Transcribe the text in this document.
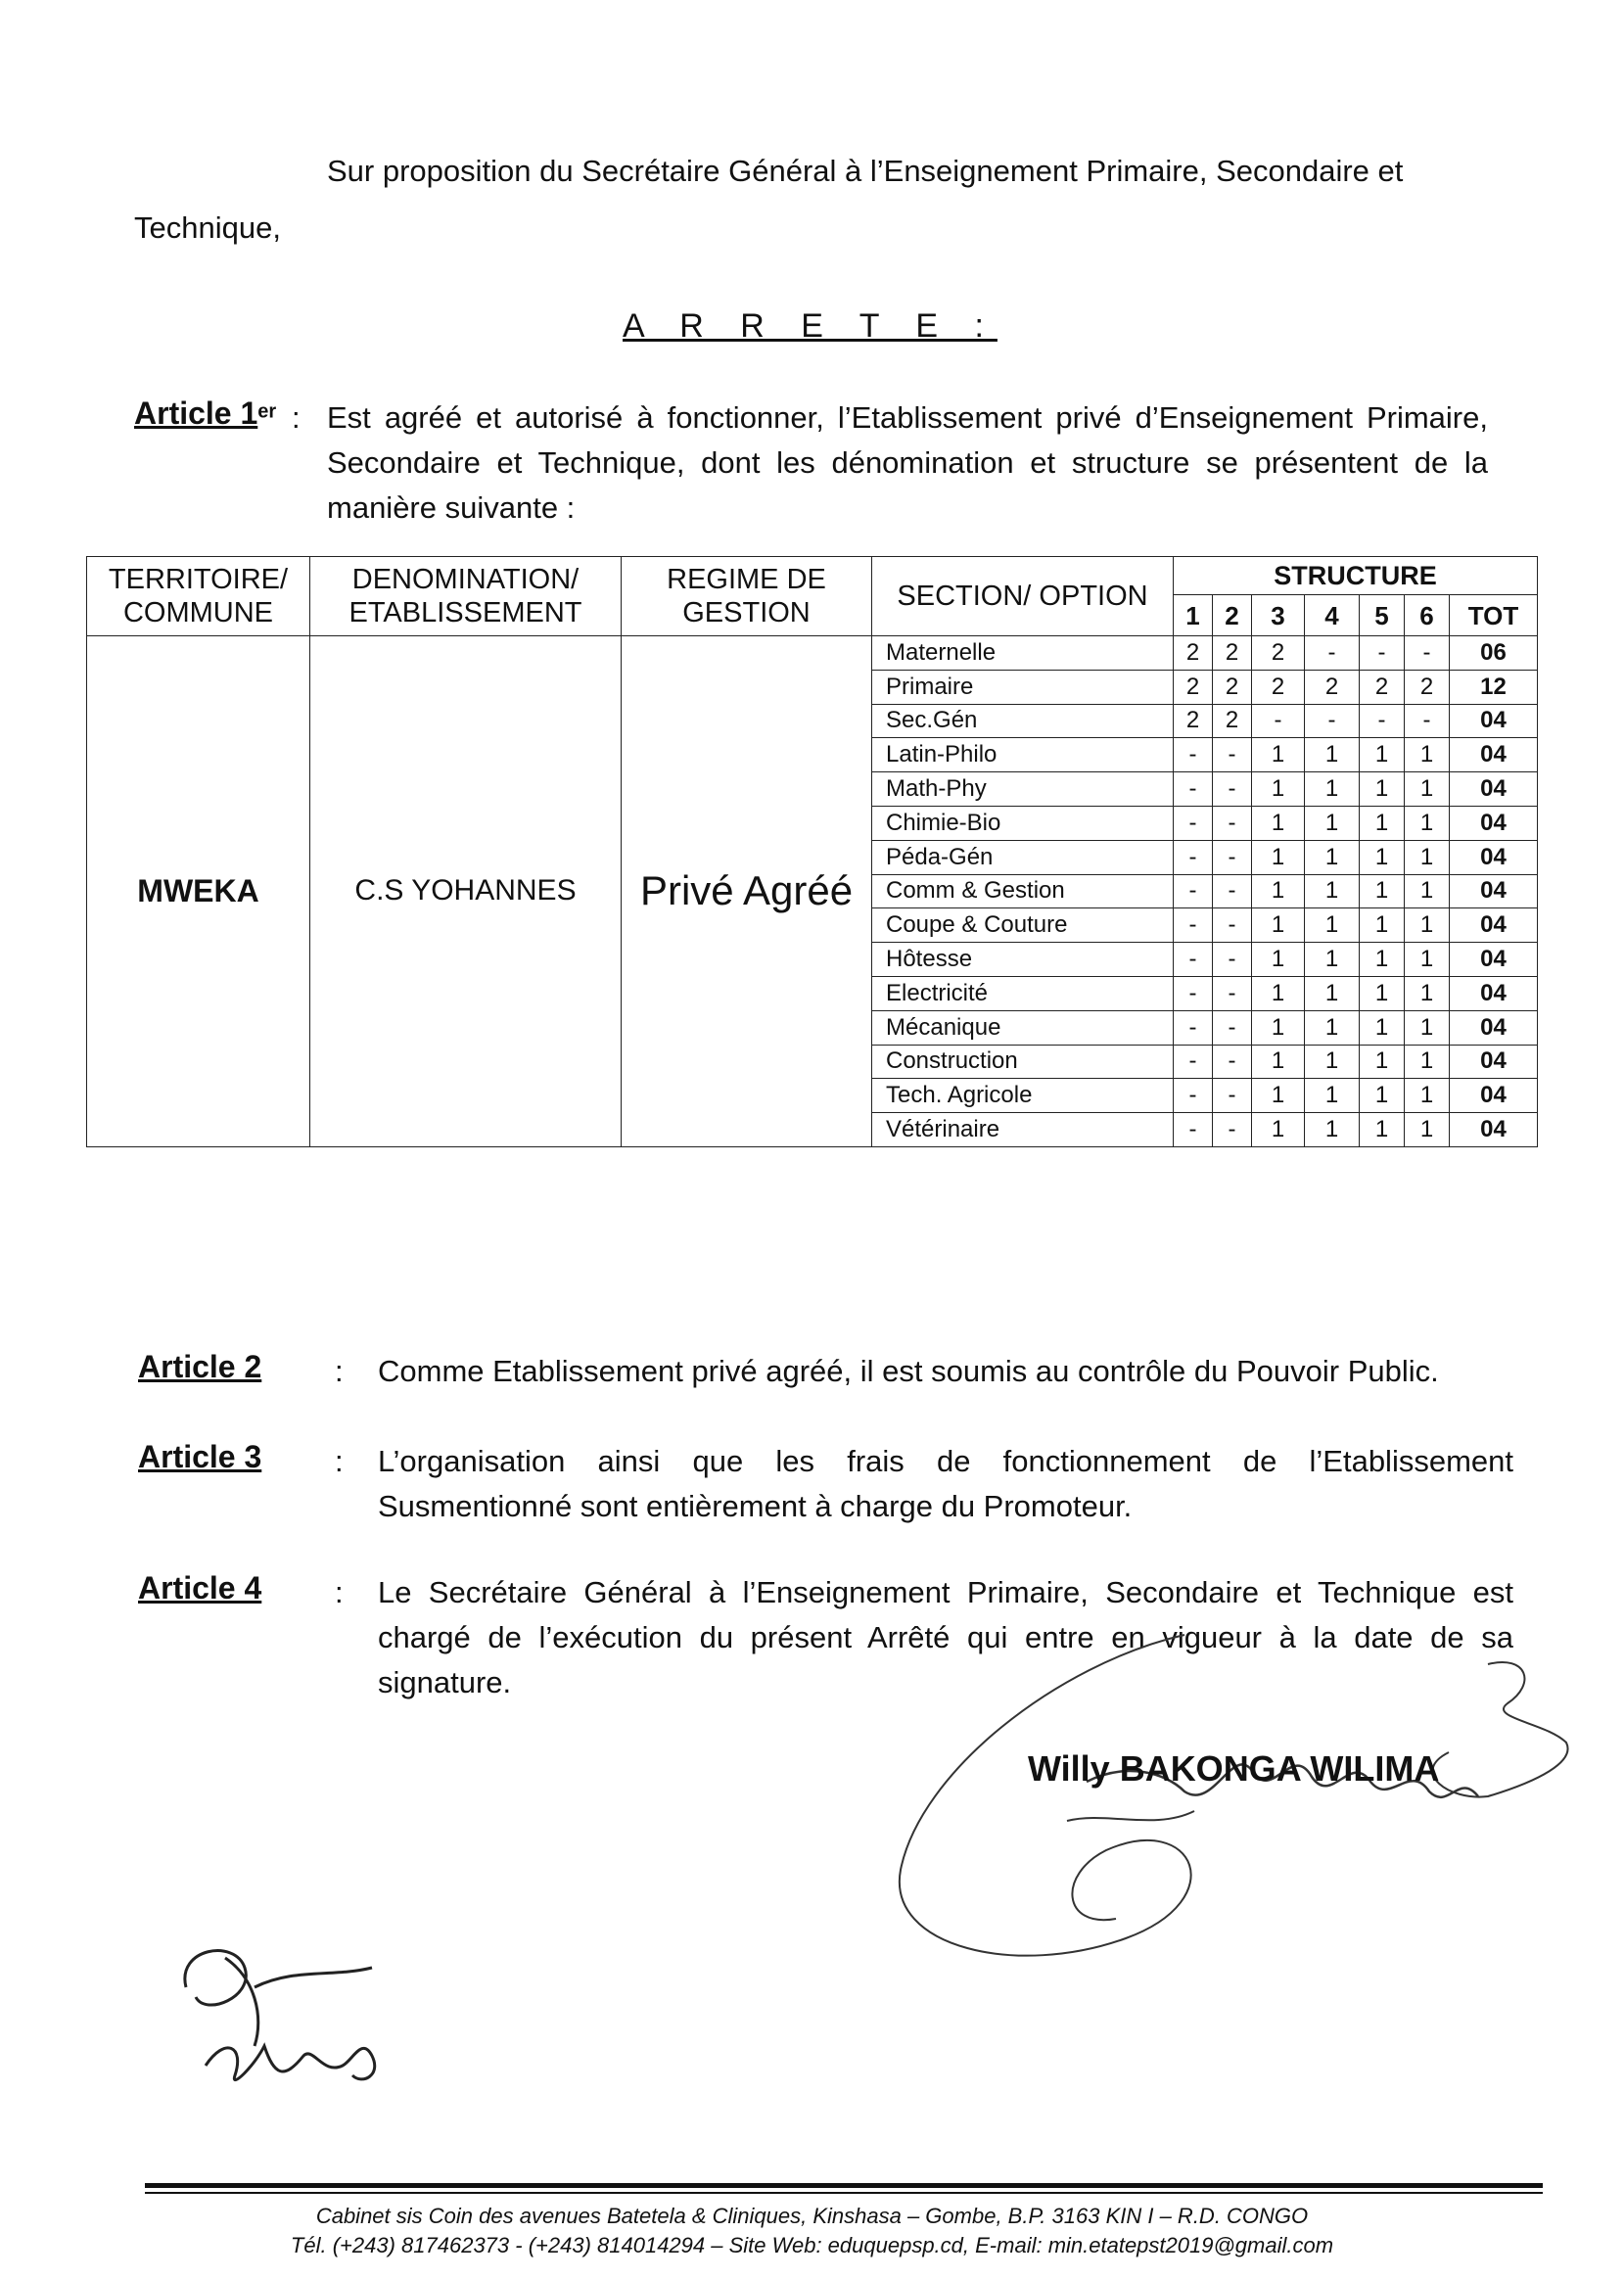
Sur proposition du Secrétaire Général à l’Enseignement Primaire, Secondaire et
Technique,
A R R E T E :
Article 1er : Est agréé et autorisé à fonctionner, l’Etablissement privé d’Enseignement Primaire, Secondaire et Technique, dont les dénomination et structure se présentent de la manière suivante :
TERRITOIRE/ COMMUNE	DENOMINATION/ ETABLISSEMENT	REGIME DE GESTION	SECTION/ OPTION	STRUCTURE						
				1	2	3	4	5	6	TOT
MWEKA	C.S YOHANNES	Privé Agréé	Maternelle	2	2	2	-	-	-	06
			Primaire	2	2	2	2	2	2	12
			Sec.Gén	2	2	-	-	-	-	04
			Latin-Philo	-	-	1	1	1	1	04
			Math-Phy	-	-	1	1	1	1	04
			Chimie-Bio	-	-	1	1	1	1	04
			Péda-Gén	-	-	1	1	1	1	04
			Comm & Gestion	-	-	1	1	1	1	04
			Coupe & Couture	-	-	1	1	1	1	04
			Hôtesse	-	-	1	1	1	1	04
			Electricité	-	-	1	1	1	1	04
			Mécanique	-	-	1	1	1	1	04
			Construction	-	-	1	1	1	1	04
			Tech. Agricole	-	-	1	1	1	1	04
			Vétérinaire	-	-	1	1	1	1	04
Article 2 : Comme Etablissement privé agréé, il est soumis au contrôle du Pouvoir Public.
Article 3 : L’organisation ainsi que les frais de fonctionnement de l’Etablissement Susmentionné sont entièrement à charge du Promoteur.
Article 4 : Le Secrétaire Général à l’Enseignement Primaire, Secondaire et Technique est chargé de l’exécution du présent Arrêté qui entre en vigueur à la date de sa signature.
Willy BAKONGA WILIMA
Cabinet sis Coin des avenues Batetela & Cliniques, Kinshasa – Gombe, B.P. 3163 KIN I – R.D. CONGO
Tél. (+243) 817462373 - (+243) 814014294 – Site Web: eduquepsp.cd, E-mail: min.etatepst2019@gmail.com
